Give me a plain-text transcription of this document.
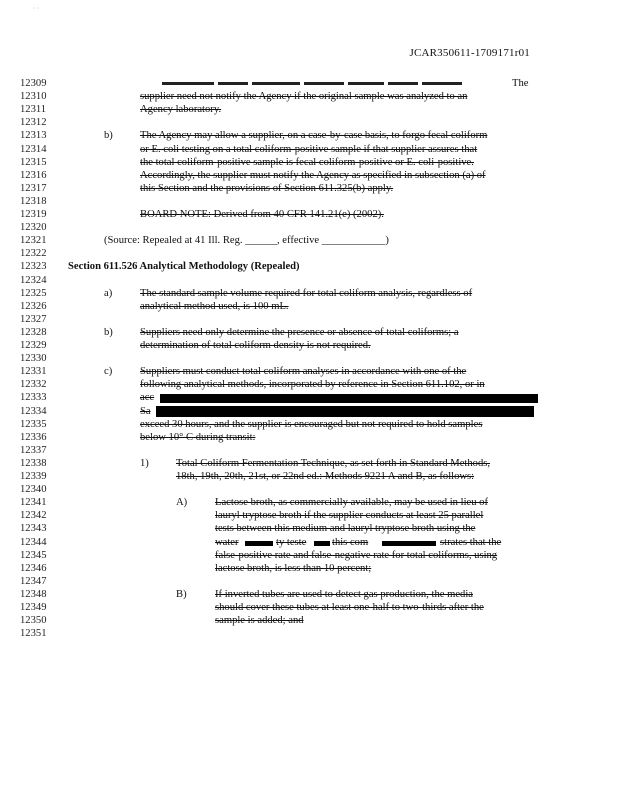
· ·
JCAR350611-1709171r01
12309	The
12310	supplier need not notify the Agency if the original sample was analyzed to an
12311	Agency laboratory.
12312
12313	b)	The Agency may allow a supplier, on a case-by-case basis, to forgo fecal coliform
12314	or E. coli testing on a total coliform-positive sample if that supplier assures that
12315	the total coliform-positive sample is fecal coliform-positive or E. coli-positive.
12316	Accordingly, the supplier must notify the Agency as specified in subsection (a) of
12317	this Section and the provisions of Section 611.325(b) apply.
12318
12319	BOARD NOTE: Derived from 40 CFR 141.21(e) (2002).
12320
12321	(Source: Repealed at 41 Ill. Reg. ______, effective ____________)
12322
12323 Section 611.526 Analytical Methodology (Repealed)
12324
12325	a)	The standard sample volume required for total coliform analysis, regardless of
12326	analytical method used, is 100 mL.
12327
12328	b)	Suppliers need only determine the presence or absence of total coliforms; a
12329	determination of total coliform density is not required.
12330
12331	c)	Suppliers must conduct total coliform analyses in accordance with one of the
12332	following analytical methods, incorporated by reference in Section 611.102, or in
12333	acc
12334	Sa
12335	exceed 30 hours, and the supplier is encouraged but not required to hold samples
12336	below 10° C during transit:
12337
12338	1)	Total Coliform Fermentation Technique, as set forth in Standard Methods,
12339	18th, 19th, 20th, 21st, or 22nd ed.: Methods 9221 A and B, as follows:
12340
12341	A)	Lactose broth, as commercially available, may be used in lieu of
12342	lauryl tryptose broth if the supplier conducts at least 25 parallel
12343	tests between this medium and lauryl tryptose broth using the
12344	water	ty teste this com	strates that the
12345	false-positive rate and false-negative rate for total coliforms, using
12346	lactose broth, is less than 10 percent;
12347
12348	B)	If inverted tubes are used to detect gas production, the media
12349	should cover these tubes at least one-half to two-thirds after the
12350	sample is added; and
12351
